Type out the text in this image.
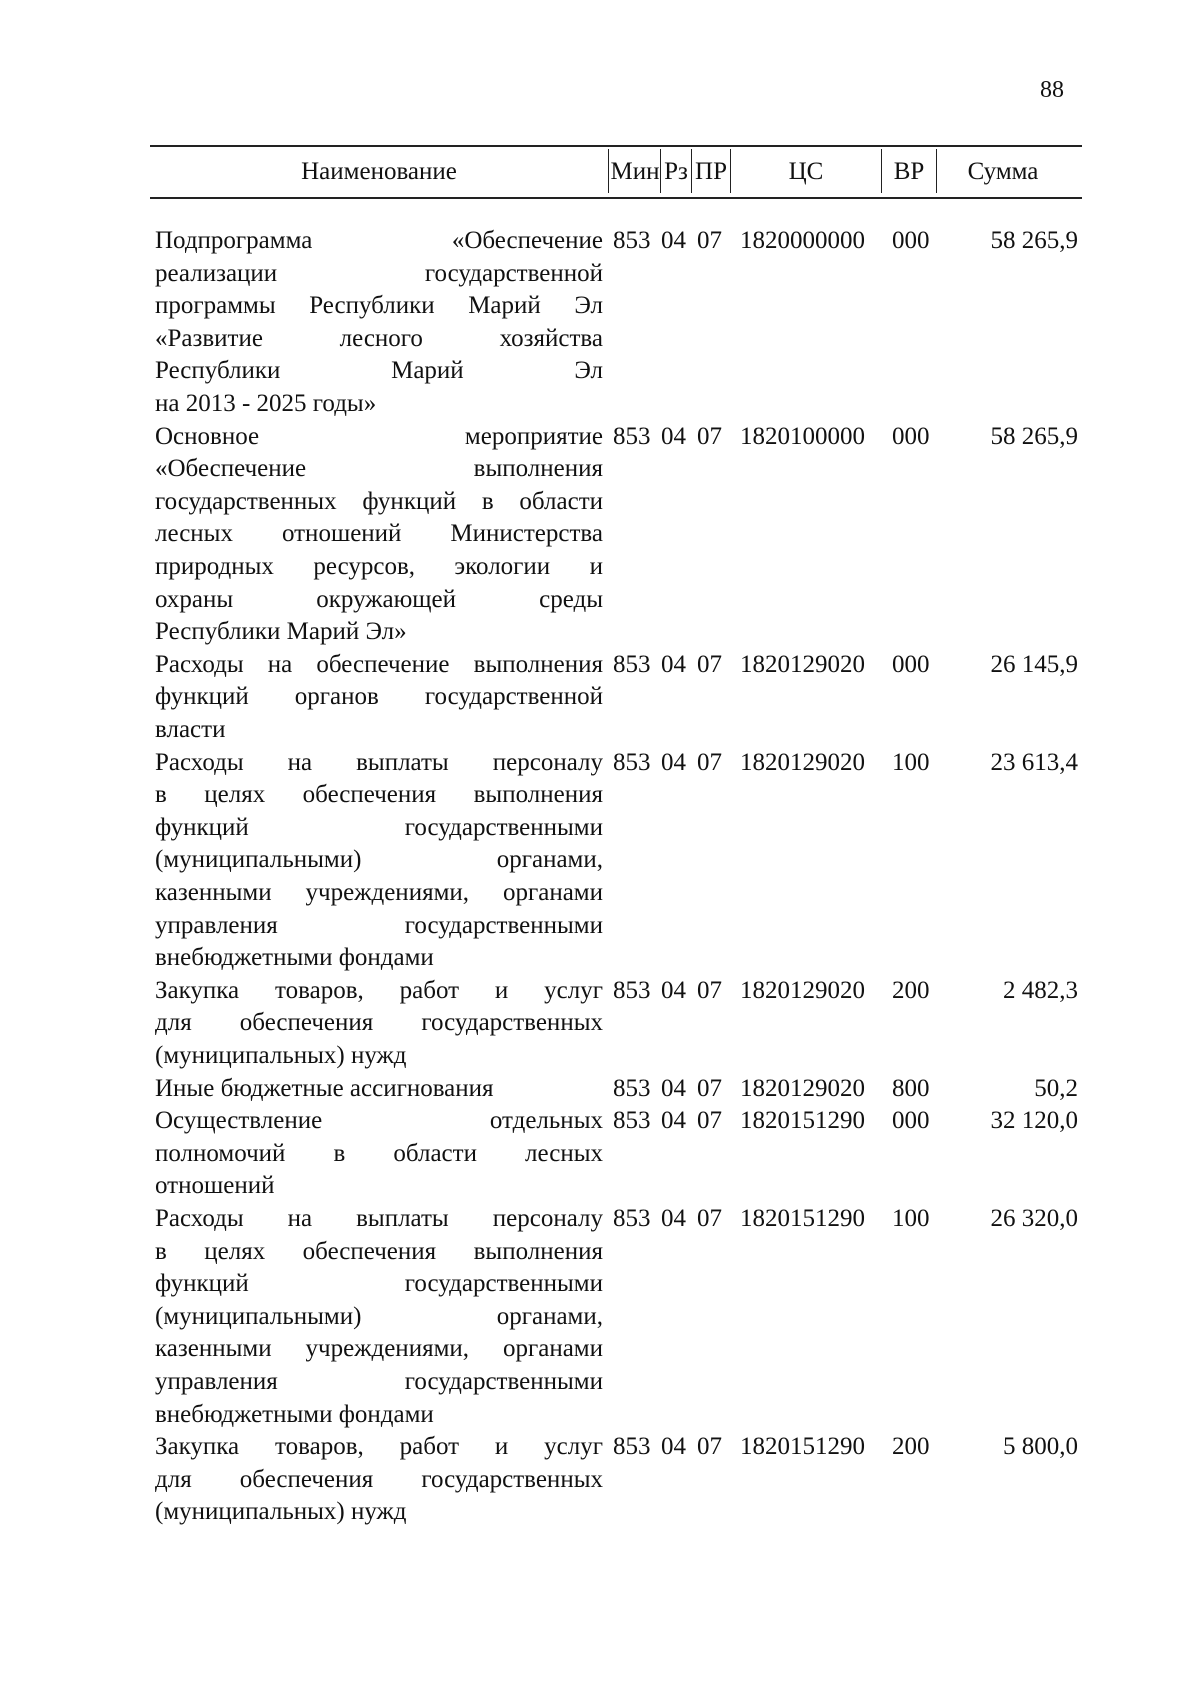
88
Наименование	Мин Рз ПР	ЦС	ВР	Сумма
Подпрограмма «Обеспечение
реализации государственной
программы Республики Марий Эл
«Развитие лесного хозяйства
Республики Марий Эл
на 2013 - 2025 годы»
853 04 07 1820000000 000	58 265,9
Основное мероприятие
«Обеспечение выполнения
государственных функций в области
лесных отношений Министерства
природных ресурсов, экологии и
охраны окружающей среды
Республики Марий Эл»
853 04 07 1820100000 000	58 265,9
Расходы на обеспечение выполнения
функций органов государственной
власти
853 04 07 1820129020 000	26 145,9
Расходы на выплаты персоналу
в целях обеспечения выполнения
функций государственными
(муниципальными) органами,
казенными учреждениями, органами
управления государственными
внебюджетными фондами
853 04 07 1820129020 100	23 613,4
Закупка товаров, работ и услуг
для обеспечения государственных
(муниципальных) нужд
853 04 07 1820129020 200	2 482,3
Иные бюджетные ассигнования	853 04 07 1820129020 800	50,2
Осуществление отдельных
полномочий в области лесных
отношений
853 04 07 1820151290 000	32 120,0
Расходы на выплаты персоналу
в целях обеспечения выполнения
функций государственными
(муниципальными) органами,
казенными учреждениями, органами
управления государственными
внебюджетными фондами
853 04 07 1820151290 100	26 320,0
Закупка товаров, работ и услуг
для обеспечения государственных
(муниципальных) нужд
853 04 07 1820151290 200	5 800,0
